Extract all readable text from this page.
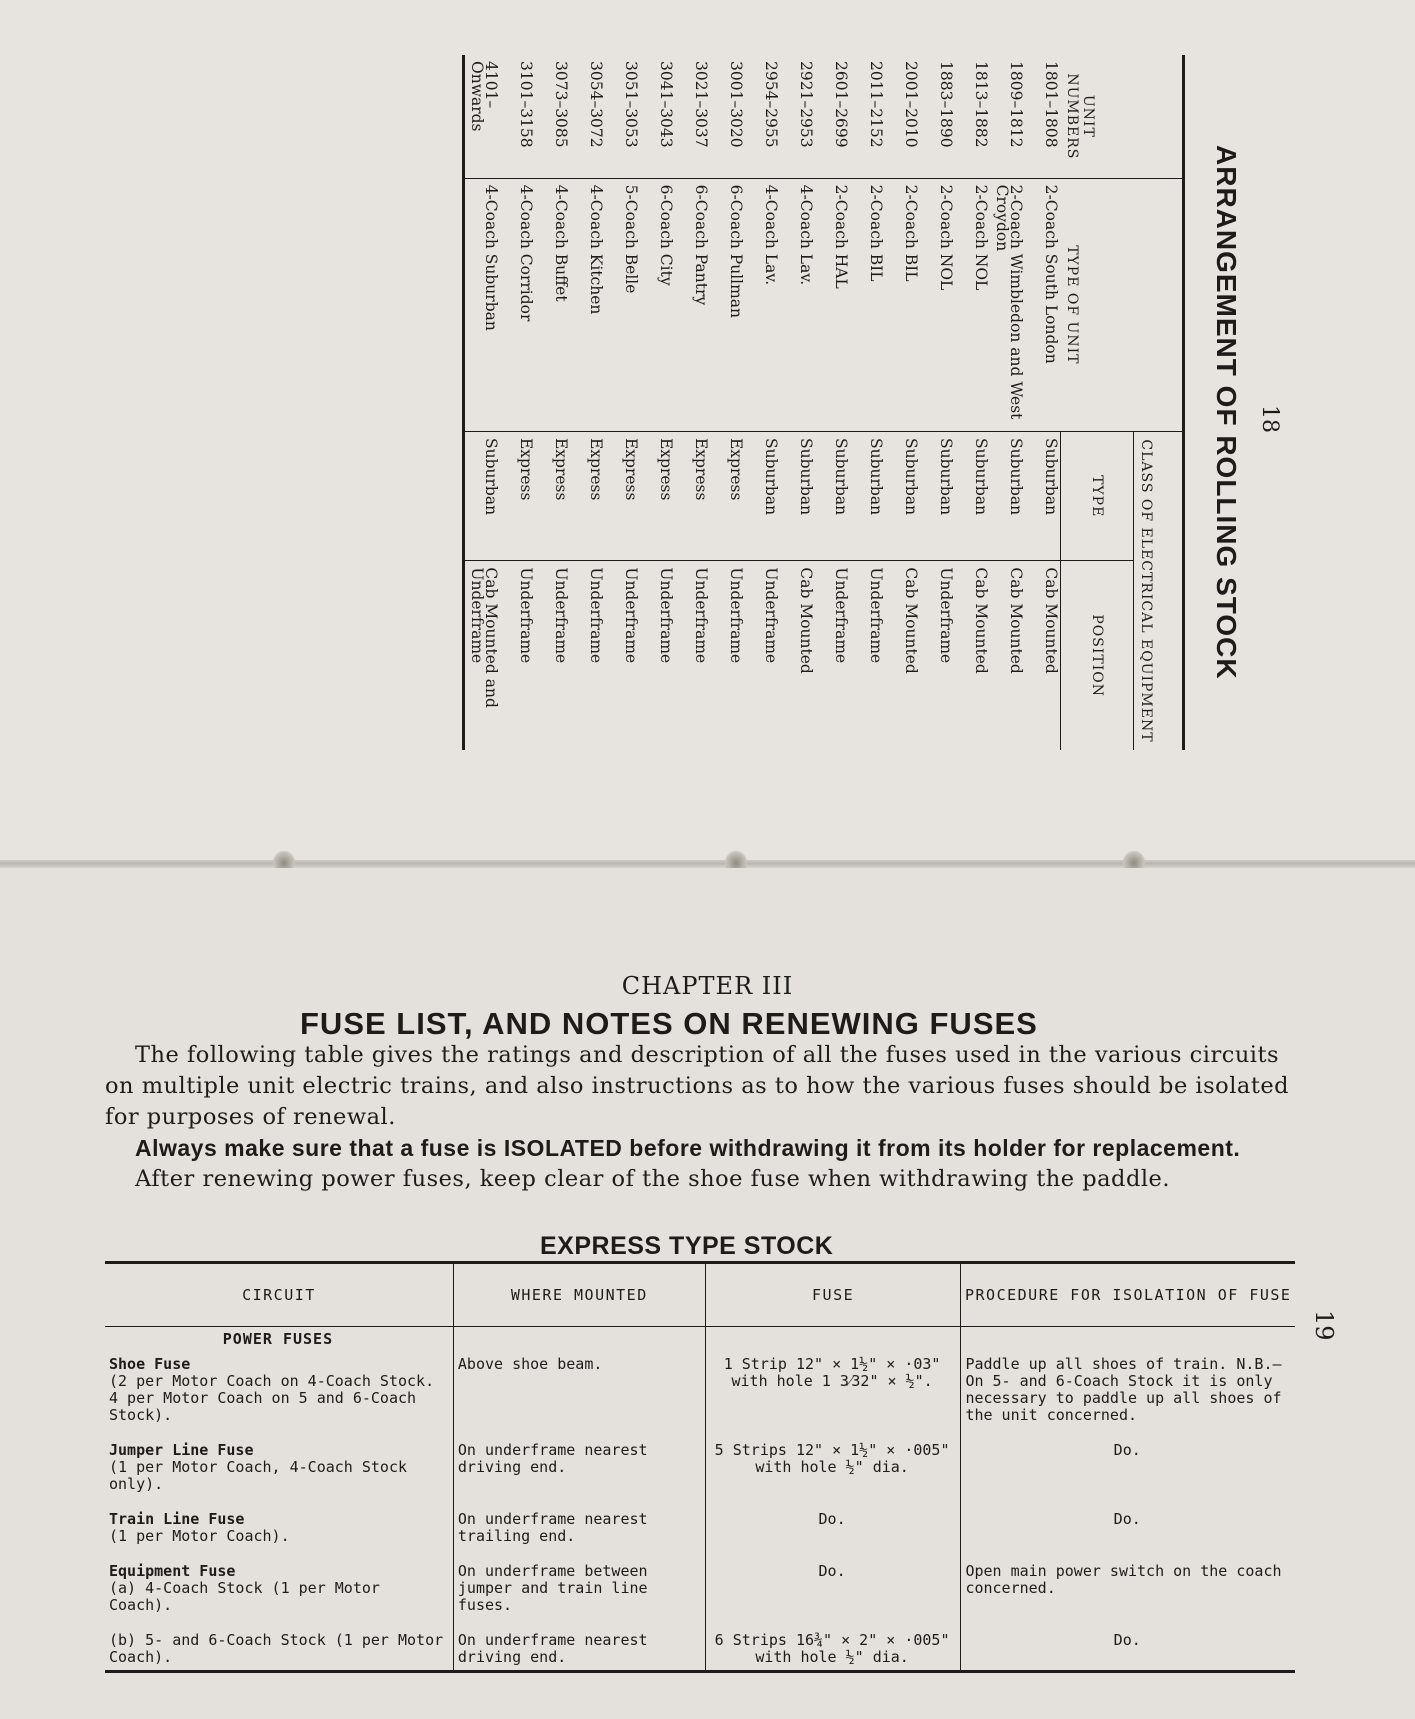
18
ARRANGEMENT OF ROLLING STOCK
UNIT NUMBERS	TYPE OF UNIT	CLASS OF ELECTRICAL EQUIPMENT	
		TYPE	POSITION
1801–1808	2-Coach South London	Suburban	Cab Mounted
1809–1812	2-Coach Wimbledon and West Croydon	Suburban	Cab Mounted
1813–1882	2-Coach NOL	Suburban	Cab Mounted
1883–1890	2-Coach NOL	Suburban	Underframe
2001–2010	2-Coach BIL	Suburban	Cab Mounted
2011–2152	2-Coach BIL	Suburban	Underframe
2601–2699	2-Coach HAL	Suburban	Underframe
2921–2953	4-Coach Lav.	Suburban	Cab Mounted
2954–2955	4-Coach Lav.	Suburban	Underframe
3001–3020	6-Coach Pullman	Express	Underframe
3021–3037	6-Coach Pantry	Express	Underframe
3041–3043	6-Coach City	Express	Underframe
3051–3053	5-Coach Belle	Express	Underframe
3054–3072	4-Coach Kitchen	Express	Underframe
3073–3085	4-Coach Buffet	Express	Underframe
3101–3158	4-Coach Corridor	Express	Underframe
4101–Onwards	4-Coach Suburban	Suburban	Cab Mounted and Underframe
19
CHAPTER III
FUSE LIST, AND NOTES ON RENEWING FUSES

The following table gives the ratings and description of all the fuses used in the various circuits on multiple unit electric trains, and also instructions as to how the various fuses should be isolated for purposes of renewal.

Always make sure that a fuse is ISOLATED before withdrawing it from its holder for replacement.

After renewing power fuses, keep clear of the shoe fuse when withdrawing the paddle.

EXPRESS TYPE STOCK
CIRCUIT	WHERE MOUNTED	FUSE	PROCEDURE FOR ISOLATION OF FUSE
POWER FUSES			

Shoe Fuse
(2 per Motor Coach on 4-Coach Stock. 4 per Motor Coach on 5 and 6-Coach Stock).	Above shoe beam.	1 Strip 12" × 1½" × ·03" with hole 1 3⁄32" × ½".	Paddle up all shoes of train. N.B.—On 5- and 6-Coach Stock it is only necessary to paddle up all shoes of the unit concerned.

Jumper Line Fuse
(1 per Motor Coach, 4-Coach Stock only).	On underframe nearest driving end.	5 Strips 12" × 1½" × ·005" with hole ½" dia.	Do.

Train Line Fuse
(1 per Motor Coach).	On underframe nearest trailing end.	Do.	Do.

Equipment Fuse
(a) 4-Coach Stock (1 per Motor Coach).	On underframe between jumper and train line fuses.	Do.	Open main power switch on the coach concerned.

(b) 5- and 6-Coach Stock (1 per Motor Coach).	On underframe nearest driving end.	6 Strips 16¾" × 2" × ·005" with hole ½" dia.	Do.
